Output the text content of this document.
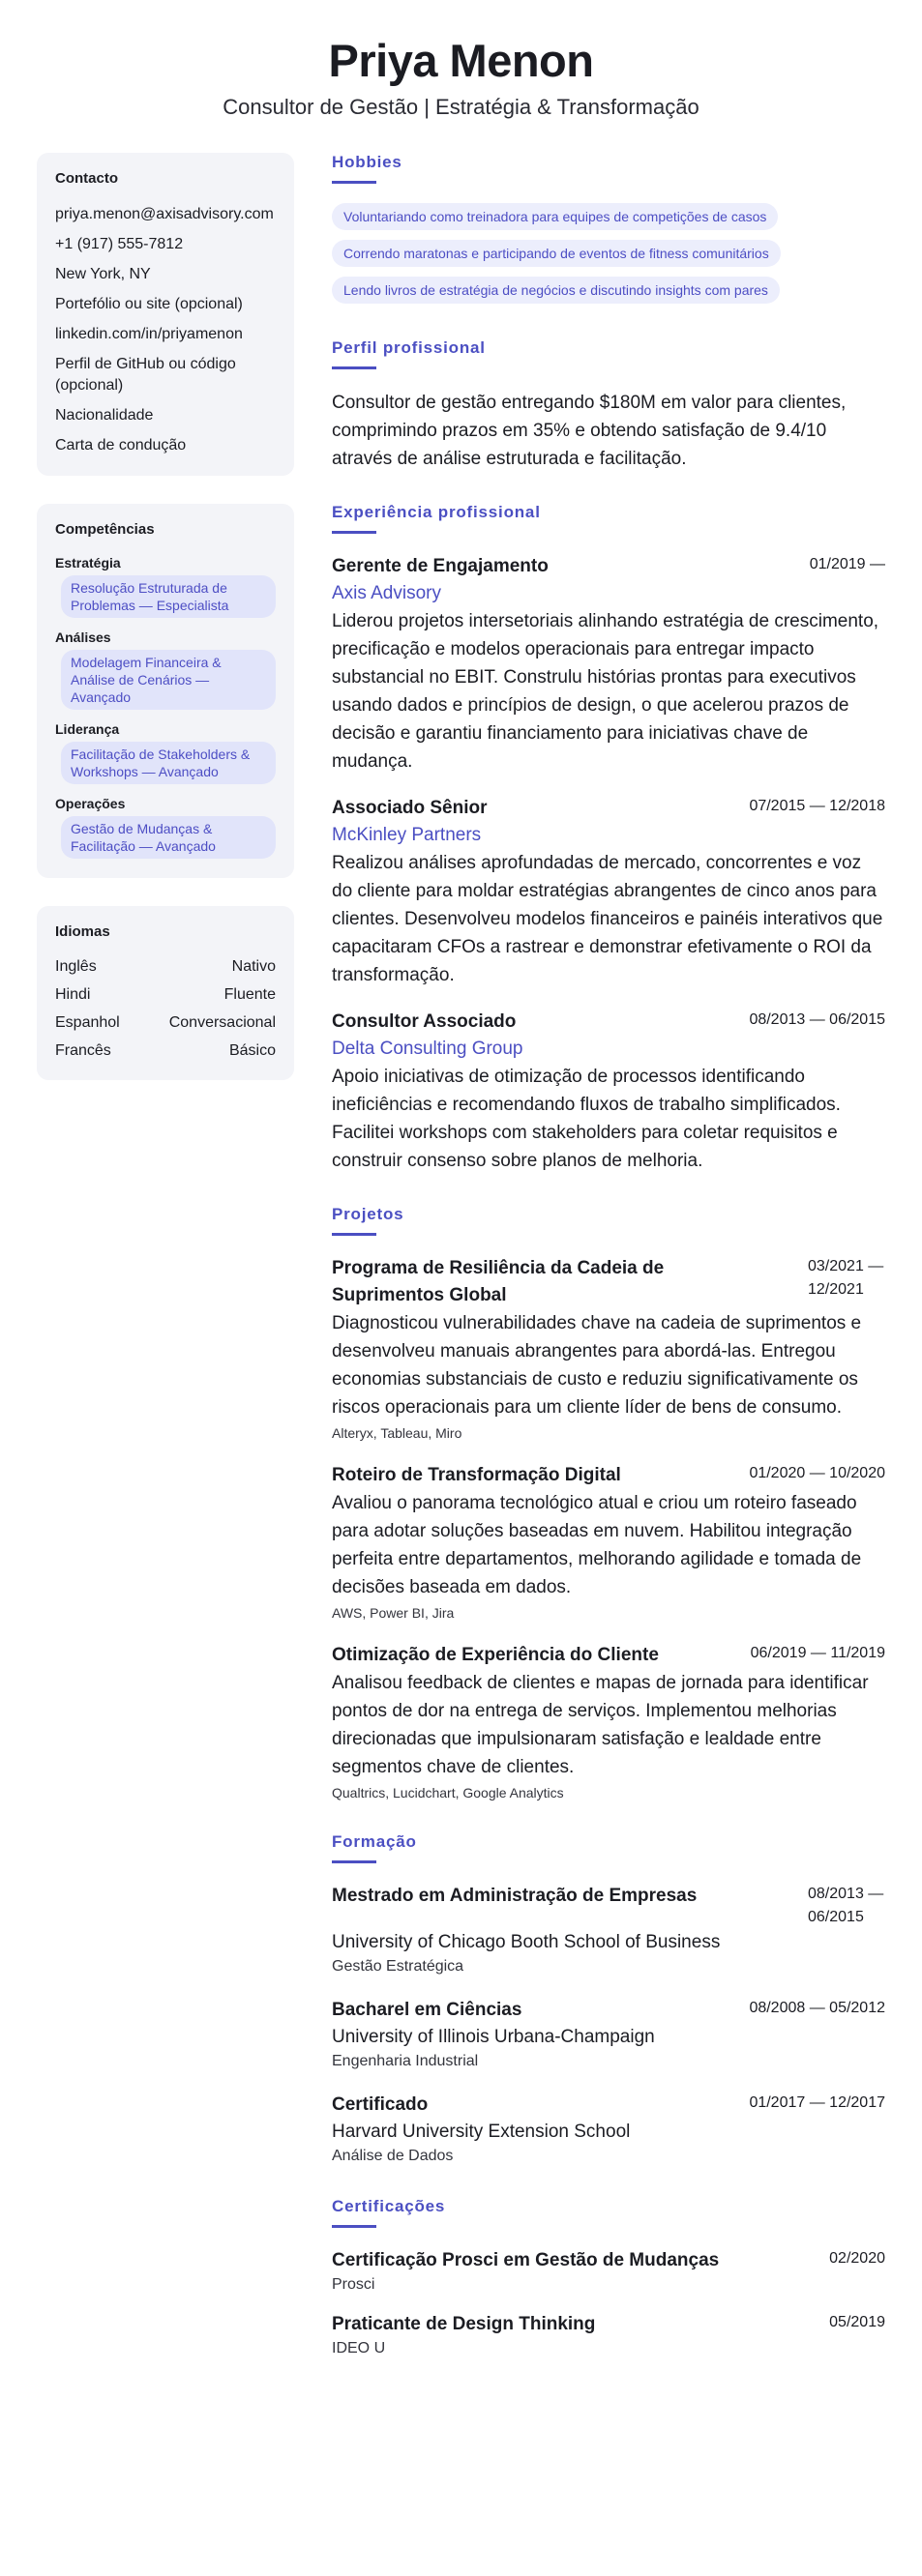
Priya Menon
Consultor de Gestão | Estratégia & Transformação
Contacto
priya.menon@axisadvisory.com
+1 (917) 555-7812
New York, NY
Portefólio ou site (opcional)
linkedin.com/in/priyamenon
Perfil de GitHub ou código (opcional)
Nacionalidade
Carta de condução
Competências
Estratégia
Resolução Estruturada de Problemas — Especialista
Análises
Modelagem Financeira & Análise de Cenários — Avançado
Liderança
Facilitação de Stakeholders & Workshops — Avançado
Operações
Gestão de Mudanças & Facilitação — Avançado
Idiomas
Inglês	Nativo
Hindi	Fluente
Espanhol	Conversacional
Francês	Básico
Hobbies
Voluntariando como treinadora para equipes de competições de casos
Correndo maratonas e participando de eventos de fitness comunitários
Lendo livros de estratégia de negócios e discutindo insights com pares
Perfil profissional
Consultor de gestão entregando $180M em valor para clientes, comprimindo prazos em 35% e obtendo satisfação de 9.4/10 através de análise estruturada e facilitação.
Experiência profissional
Gerente de Engajamento	01/2019 —
Axis Advisory
Liderou projetos intersetoriais alinhando estratégia de crescimento, precificação e modelos operacionais para entregar impacto substancial no EBIT. Construlu histórias prontas para executivos usando dados e princípios de design, o que acelerou prazos de decisão e garantiu financiamento para iniciativas chave de mudança.
Associado Sênior	07/2015 — 12/2018
McKinley Partners
Realizou análises aprofundadas de mercado, concorrentes e voz do cliente para moldar estratégias abrangentes de cinco anos para clientes. Desenvolveu modelos financeiros e painéis interativos que capacitaram CFOs a rastrear e demonstrar efetivamente o ROI da transformação.
Consultor Associado	08/2013 — 06/2015
Delta Consulting Group
Apoio iniciativas de otimização de processos identificando ineficiências e recomendando fluxos de trabalho simplificados. Facilitei workshops com stakeholders para coletar requisitos e construir consenso sobre planos de melhoria.
Projetos
Programa de Resiliência da Cadeia de Suprimentos Global
03/2021 — 12/2021
Diagnosticou vulnerabilidades chave na cadeia de suprimentos e desenvolveu manuais abrangentes para abordá-las. Entregou economias substanciais de custo e reduziu significativamente os riscos operacionais para um cliente líder de bens de consumo.
Alteryx, Tableau, Miro
Roteiro de Transformação Digital	01/2020 — 10/2020
Avaliou o panorama tecnológico atual e criou um roteiro faseado para adotar soluções baseadas em nuvem. Habilitou integração perfeita entre departamentos, melhorando agilidade e tomada de decisões baseada em dados.
AWS, Power BI, Jira
Otimização de Experiência do Cliente	06/2019 — 11/2019
Analisou feedback de clientes e mapas de jornada para identificar pontos de dor na entrega de serviços. Implementou melhorias direcionadas que impulsionaram satisfação e lealdade entre segmentos chave de clientes.
Qualtrics, Lucidchart, Google Analytics
Formação
Mestrado em Administração de Empresas	08/2013 — 06/2015
University of Chicago Booth School of Business
Gestão Estratégica
Bacharel em Ciências	08/2008 — 05/2012
University of Illinois Urbana-Champaign
Engenharia Industrial
Certificado	01/2017 — 12/2017
Harvard University Extension School
Análise de Dados
Certificações
Certificação Prosci em Gestão de Mudanças	02/2020
Prosci
Praticante de Design Thinking	05/2019
IDEO U
